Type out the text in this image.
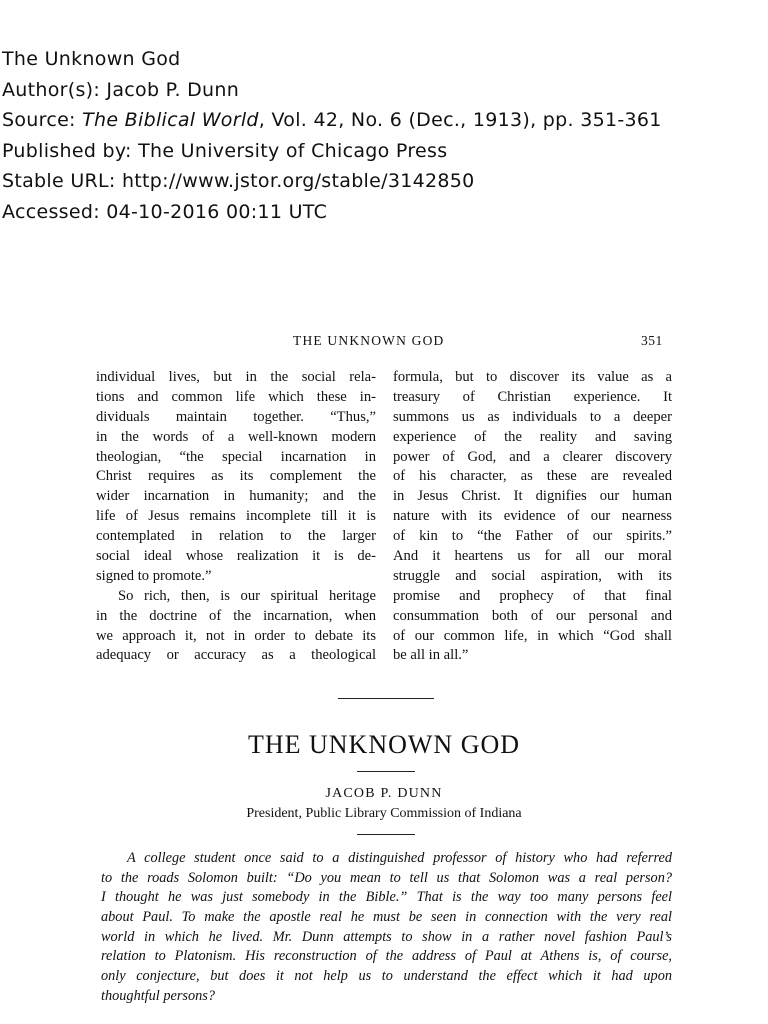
The Unknown God
Author(s): Jacob P. Dunn
Source: The Biblical World, Vol. 42, No. 6 (Dec., 1913), pp. 351-361
Published by: The University of Chicago Press
Stable URL: http://www.jstor.org/stable/3142850
Accessed: 04-10-2016 00:11 UTC
THE UNKNOWN GOD	351
individual lives, but in the social rela-
tions and common life which these in-
dividuals maintain together. “Thus,”
in the words of a well-known modern
theologian, “the special incarnation in
Christ requires as its complement the
wider incarnation in humanity; and the
life of Jesus remains incomplete till it is
contemplated in relation to the larger
social ideal whose realization it is de-
signed to promote.”
So rich, then, is our spiritual heritage
in the doctrine of the incarnation, when
we approach it, not in order to debate its
adequacy or accuracy as a theological
formula, but to discover its value as a
treasury of Christian experience. It
summons us as individuals to a deeper
experience of the reality and saving
power of God, and a clearer discovery
of his character, as these are revealed
in Jesus Christ. It dignifies our human
nature with its evidence of our nearness
of kin to “the Father of our spirits.”
And it heartens us for all our moral
struggle and social aspiration, with its
promise and prophecy of that final
consummation both of our personal and
of our common life, in which “God shall
be all in all.”
THE UNKNOWN GOD
JACOB P. DUNN
President, Public Library Commission of Indiana
A college student once said to a distinguished professor of history who had referred
to the roads Solomon built: “Do you mean to tell us that Solomon was a real person?
I thought he was just somebody in the Bible.” That is the way too many persons feel
about Paul. To make the apostle real he must be seen in connection with the very real
world in which he lived. Mr. Dunn attempts to show in a rather novel fashion Paul’s
relation to Platonism. His reconstruction of the address of Paul at Athens is, of course,
only conjecture, but does it not help us to understand the effect which it had upon
thoughtful persons?
